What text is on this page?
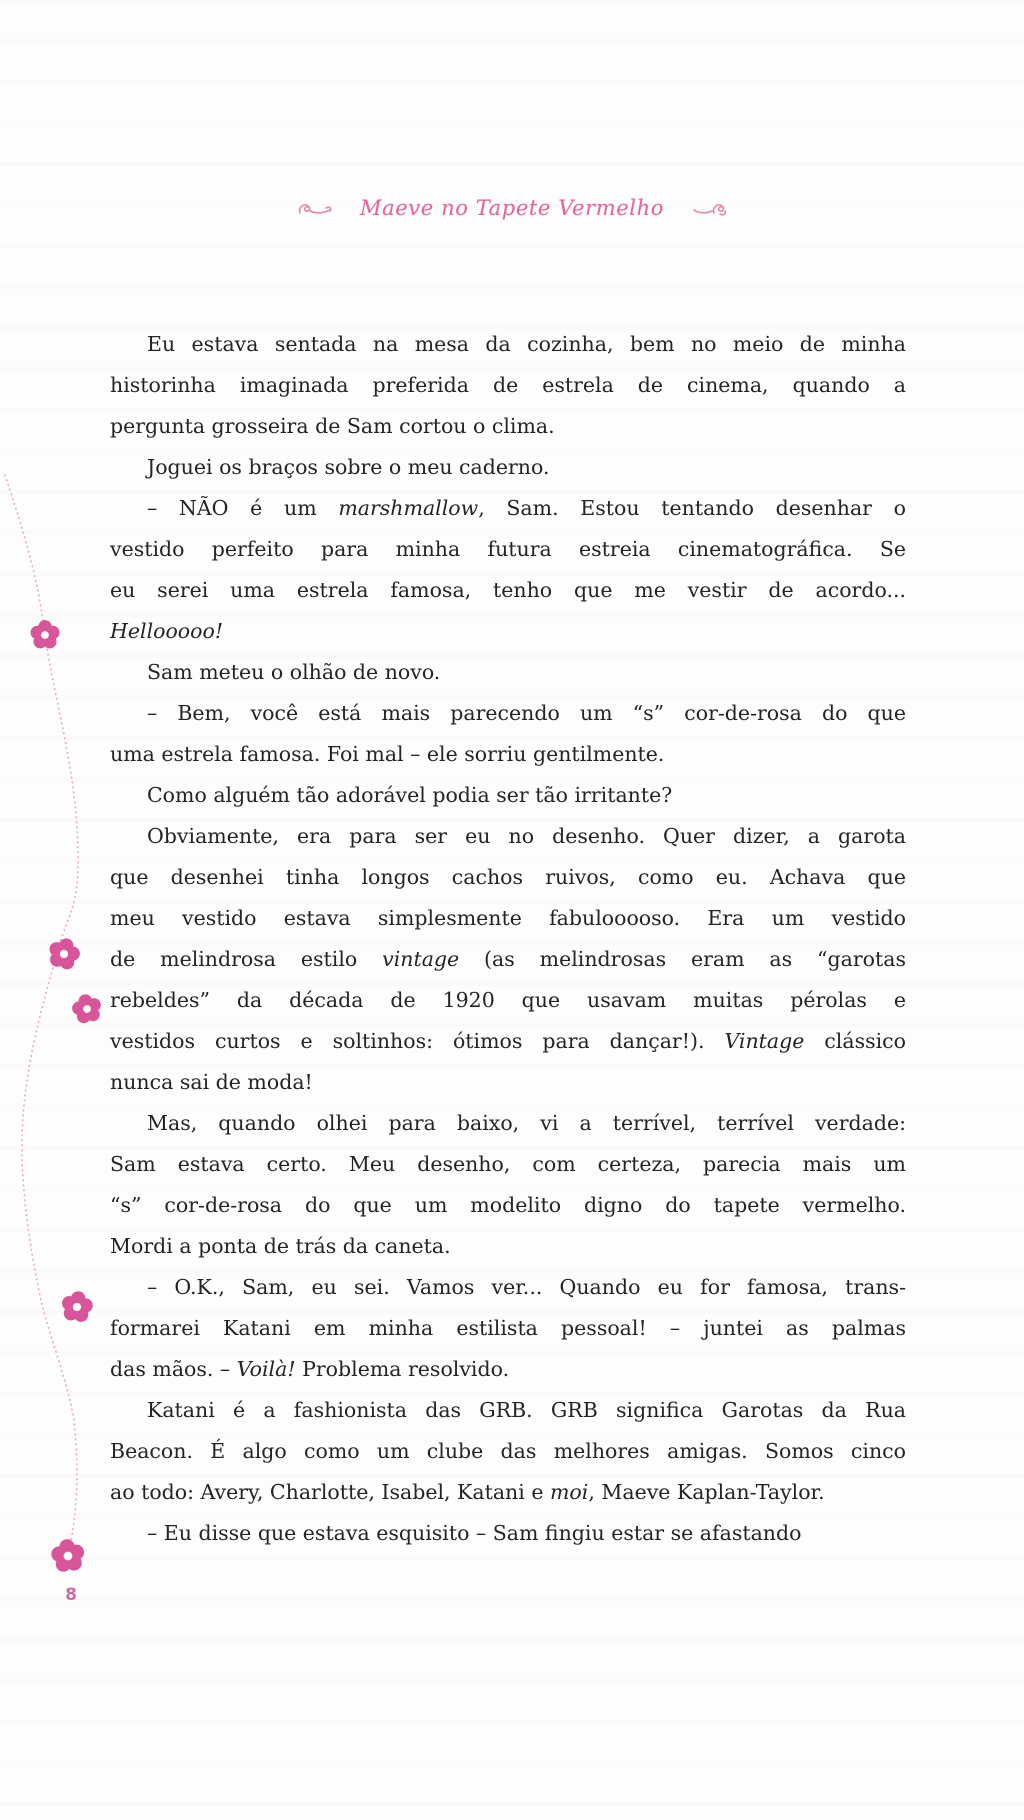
Maeve no Tapete Vermelho
Eu estava sentada na mesa da cozinha, bem no meio de minha
historinha imaginada preferida de estrela de cinema, quando a
pergunta grosseira de Sam cortou o clima.
Joguei os braços sobre o meu caderno.
– NÃO é um marshmallow, Sam. Estou tentando desenhar o
vestido perfeito para minha futura estreia cinematográfica. Se
eu serei uma estrela famosa, tenho que me vestir de acordo...
Hellooooo!
Sam meteu o olhão de novo.
– Bem, você está mais parecendo um “s” cor-de-rosa do que
uma estrela famosa. Foi mal – ele sorriu gentilmente.
Como alguém tão adorável podia ser tão irritante?
Obviamente, era para ser eu no desenho. Quer dizer, a garota
que desenhei tinha longos cachos ruivos, como eu. Achava que
meu vestido estava simplesmente fabulooooso. Era um vestido
de melindrosa estilo vintage (as melindrosas eram as “garotas
rebeldes” da década de 1920 que usavam muitas pérolas e
vestidos curtos e soltinhos: ótimos para dançar!). Vintage clássico
nunca sai de moda!
Mas, quando olhei para baixo, vi a terrível, terrível verdade:
Sam estava certo. Meu desenho, com certeza, parecia mais um
“s” cor-de-rosa do que um modelito digno do tapete vermelho.
Mordi a ponta de trás da caneta.
– O.K., Sam, eu sei. Vamos ver... Quando eu for famosa, trans-
formarei Katani em minha estilista pessoal! – juntei as palmas
das mãos. – Voilà! Problema resolvido.
Katani é a fashionista das GRB. GRB significa Garotas da Rua
Beacon. É algo como um clube das melhores amigas. Somos cinco
ao todo: Avery, Charlotte, Isabel, Katani e moi, Maeve Kaplan-Taylor.
– Eu disse que estava esquisito – Sam fingiu estar se afastando
8
